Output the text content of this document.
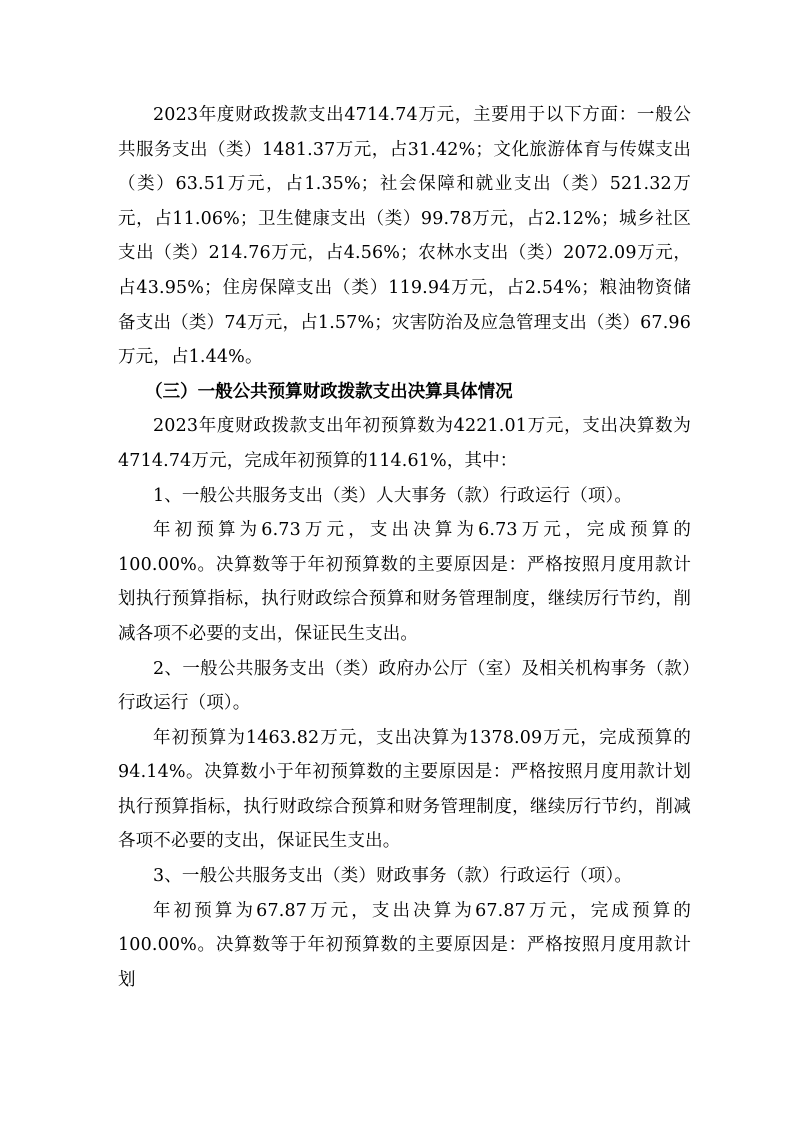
2023年度财政拨款支出4714.74万元，主要用于以下方面：一般公共服务支出（类）1481.37万元，占31.42%；文化旅游体育与传媒支出（类）63.51万元，占1.35%；社会保障和就业支出（类）521.32万元，占11.06%；卫生健康支出（类）99.78万元，占2.12%；城乡社区支出（类）214.76万元，占4.56%；农林水支出（类）2072.09万元，占43.95%；住房保障支出（类）119.94万元，占2.54%；粮油物资储备支出（类）74万元，占1.57%；灾害防治及应急管理支出（类）67.96万元，占1.44%。

（三）一般公共预算财政拨款支出决算具体情况

2023年度财政拨款支出年初预算数为4221.01万元，支出决算数为4714.74万元，完成年初预算的114.61%，其中：

1、一般公共服务支出（类）人大事务（款）行政运行（项）。

年初预算为6.73万元，支出决算为6.73万元，完成预算的100.00%。决算数等于年初预算数的主要原因是：严格按照月度用款计划执行预算指标，执行财政综合预算和财务管理制度，继续厉行节约，削减各项不必要的支出，保证民生支出。

2、一般公共服务支出（类）政府办公厅（室）及相关机构事务（款）行政运行（项）。

年初预算为1463.82万元，支出决算为1378.09万元，完成预算的94.14%。决算数小于年初预算数的主要原因是：严格按照月度用款计划执行预算指标，执行财政综合预算和财务管理制度，继续厉行节约，削减各项不必要的支出，保证民生支出。

3、一般公共服务支出（类）财政事务（款）行政运行（项）。

年初预算为67.87万元，支出决算为67.87万元，完成预算的100.00%。决算数等于年初预算数的主要原因是：严格按照月度用款计划
